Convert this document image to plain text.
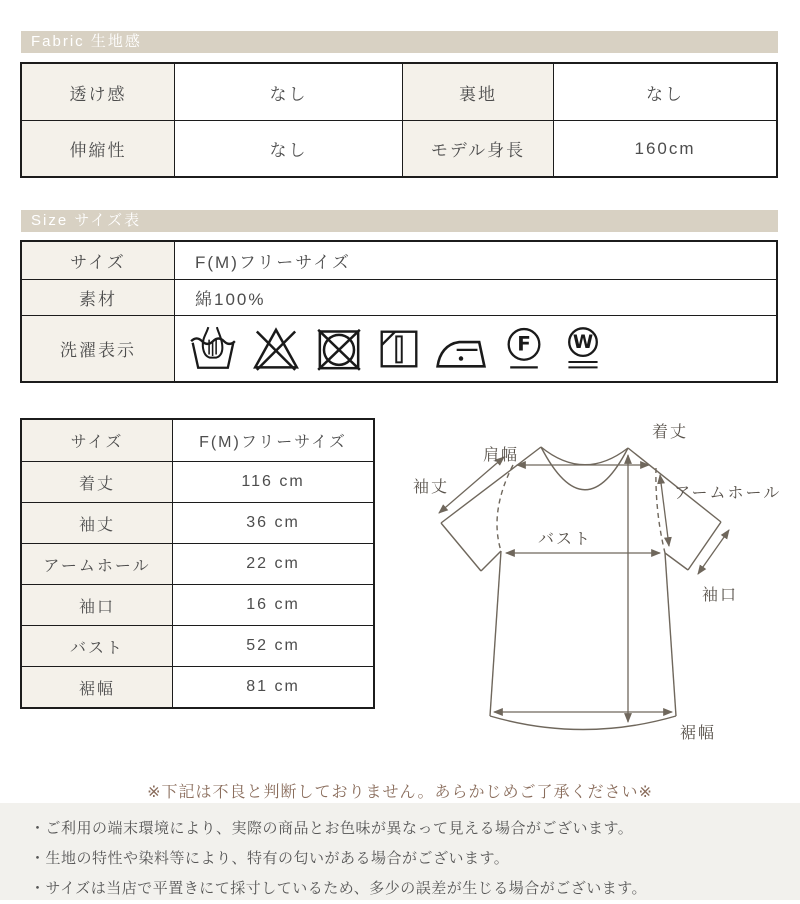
Fabric 生地感
透け感	なし	裏地	なし
伸縮性	なし	モデル身長	160cm
Size サイズ表
サイズ	F(M)フリーサイズ
素材	綿100%
洗濯表示	F W
サイズ	F(M)フリーサイズ
着丈	116 cm
袖丈	36 cm
アームホール	22 cm
袖口	16 cm
バスト	52 cm
裾幅	81 cm
肩幅
着丈
袖丈	アームホール
バスト
袖口
裾幅
※下記は不良と判断しておりません。あらかじめご了承ください※
・ご利用の端末環境により、実際の商品とお色味が異なって見える場合がございます。
・生地の特性や染料等により、特有の匂いがある場合がございます。
・サイズは当店で平置きにて採寸しているため、多少の誤差が生じる場合がございます。
